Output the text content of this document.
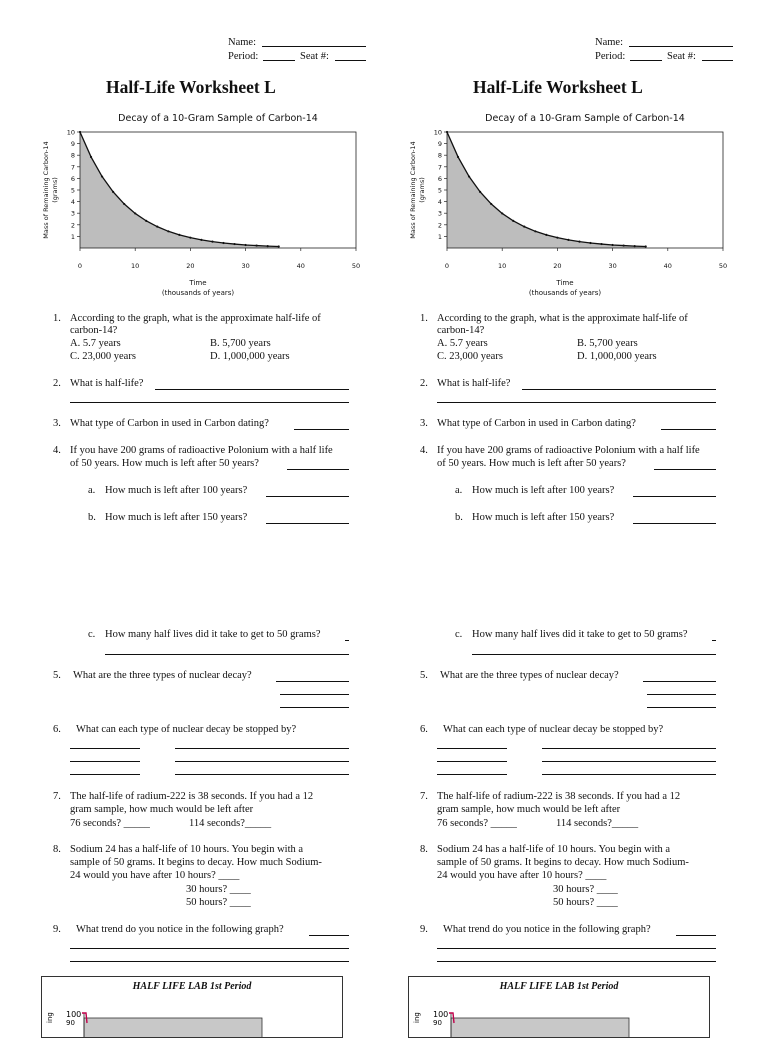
Name:
Period:	Seat #:
Half-Life Worksheet L
Decay of a 10-Gram Sample of Carbon-14
10
9
8
7
6
5
4
3
2
1
0	10	20	30	40	50
Time
(thousands of years)
Mass of Remaining Carbon-14 (grams)
1. According to the graph, what is the approximate half-life of
carbon-14?
A. 5.7 years	B. 5,700 years
C. 23,000 years	D. 1,000,000 years
2. What is half-life?
3. What type of Carbon in used in Carbon dating?
4. If you have 200 grams of radioactive Polonium with a half life
of 50 years. How much is left after 50 years?
a. How much is left after 100 years?
b. How much is left after 150 years?
c. How many half lives did it take to get to 50 grams?
5.	What are the three types of nuclear decay?
6.	What can each type of nuclear decay be stopped by?
7. The half-life of radium-222 is 38 seconds. If you had a 12
gram sample, how much would be left after
76 seconds? _____	114 seconds?_____
8. Sodium 24 has a half-life of 10 hours. You begin with a
sample of 50 grams. It begins to decay. How much Sodium-
24 would you have after 10 hours? ____
30 hours? ____
50 hours? ____
9.	What trend do you notice in the following graph?
HALF LIFE LAB 1st Period
ing 100
90
Name:
Period:	Seat #:
Half-Life Worksheet L
Decay of a 10-Gram Sample of Carbon-14
10
9
8
7
6
5
4
3
2
1
0	10	20	30	40	50
Time
(thousands of years)
Mass of Remaining Carbon-14 (grams)
1. According to the graph, what is the approximate half-life of
carbon-14?
A. 5.7 years	B. 5,700 years
C. 23,000 years	D. 1,000,000 years
2. What is half-life?
3. What type of Carbon in used in Carbon dating?
4. If you have 200 grams of radioactive Polonium with a half life
of 50 years. How much is left after 50 years?
a. How much is left after 100 years?
b. How much is left after 150 years?
c. How many half lives did it take to get to 50 grams?
5.	What are the three types of nuclear decay?
6.	What can each type of nuclear decay be stopped by?
7. The half-life of radium-222 is 38 seconds. If you had a 12
gram sample, how much would be left after
76 seconds? _____	114 seconds?_____
8. Sodium 24 has a half-life of 10 hours. You begin with a
sample of 50 grams. It begins to decay. How much Sodium-
24 would you have after 10 hours? ____
30 hours? ____
50 hours? ____
9.	What trend do you notice in the following graph?
HALF LIFE LAB 1st Period
ing 100
90
